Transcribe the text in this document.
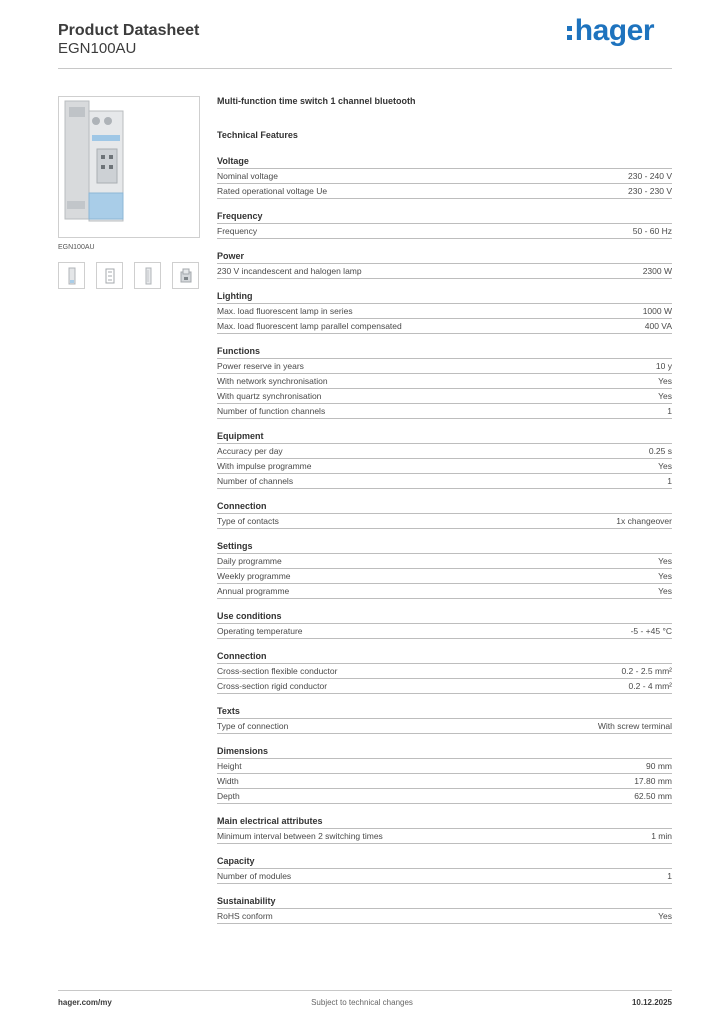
Product Datasheet
EGN100AU
hager
EGN100AU
Multi-function time switch 1 channel bluetooth
Technical Features
Voltage
Nominal voltage	230 - 240 V
Rated operational voltage Ue	230 - 230 V
Frequency
Frequency	50 - 60 Hz
Power
230 V incandescent and halogen lamp	2300 W
Lighting
Max. load fluorescent lamp in series	1000 W
Max. load fluorescent lamp parallel compensated	400 VA
Functions
Power reserve in years	10 y
With network synchronisation	Yes
With quartz synchronisation	Yes
Number of function channels	1
Equipment
Accuracy per day	0.25 s
With impulse programme	Yes
Number of channels	1
Connection
Type of contacts	1x changeover
Settings
Daily programme	Yes
Weekly programme	Yes
Annual programme	Yes
Use conditions
Operating temperature	-5 - +45 °C
Connection
Cross-section flexible conductor	0.2 - 2.5 mm²
Cross-section rigid conductor	0.2 - 4 mm²
Texts
Type of connection	With screw terminal
Dimensions
Height	90 mm
Width	17.80 mm
Depth	62.50 mm
Main electrical attributes
Minimum interval between 2 switching times	1 min
Capacity
Number of modules	1
Sustainability
RoHS conform	Yes
hager.com/my	Subject to technical changes	10.12.2025
